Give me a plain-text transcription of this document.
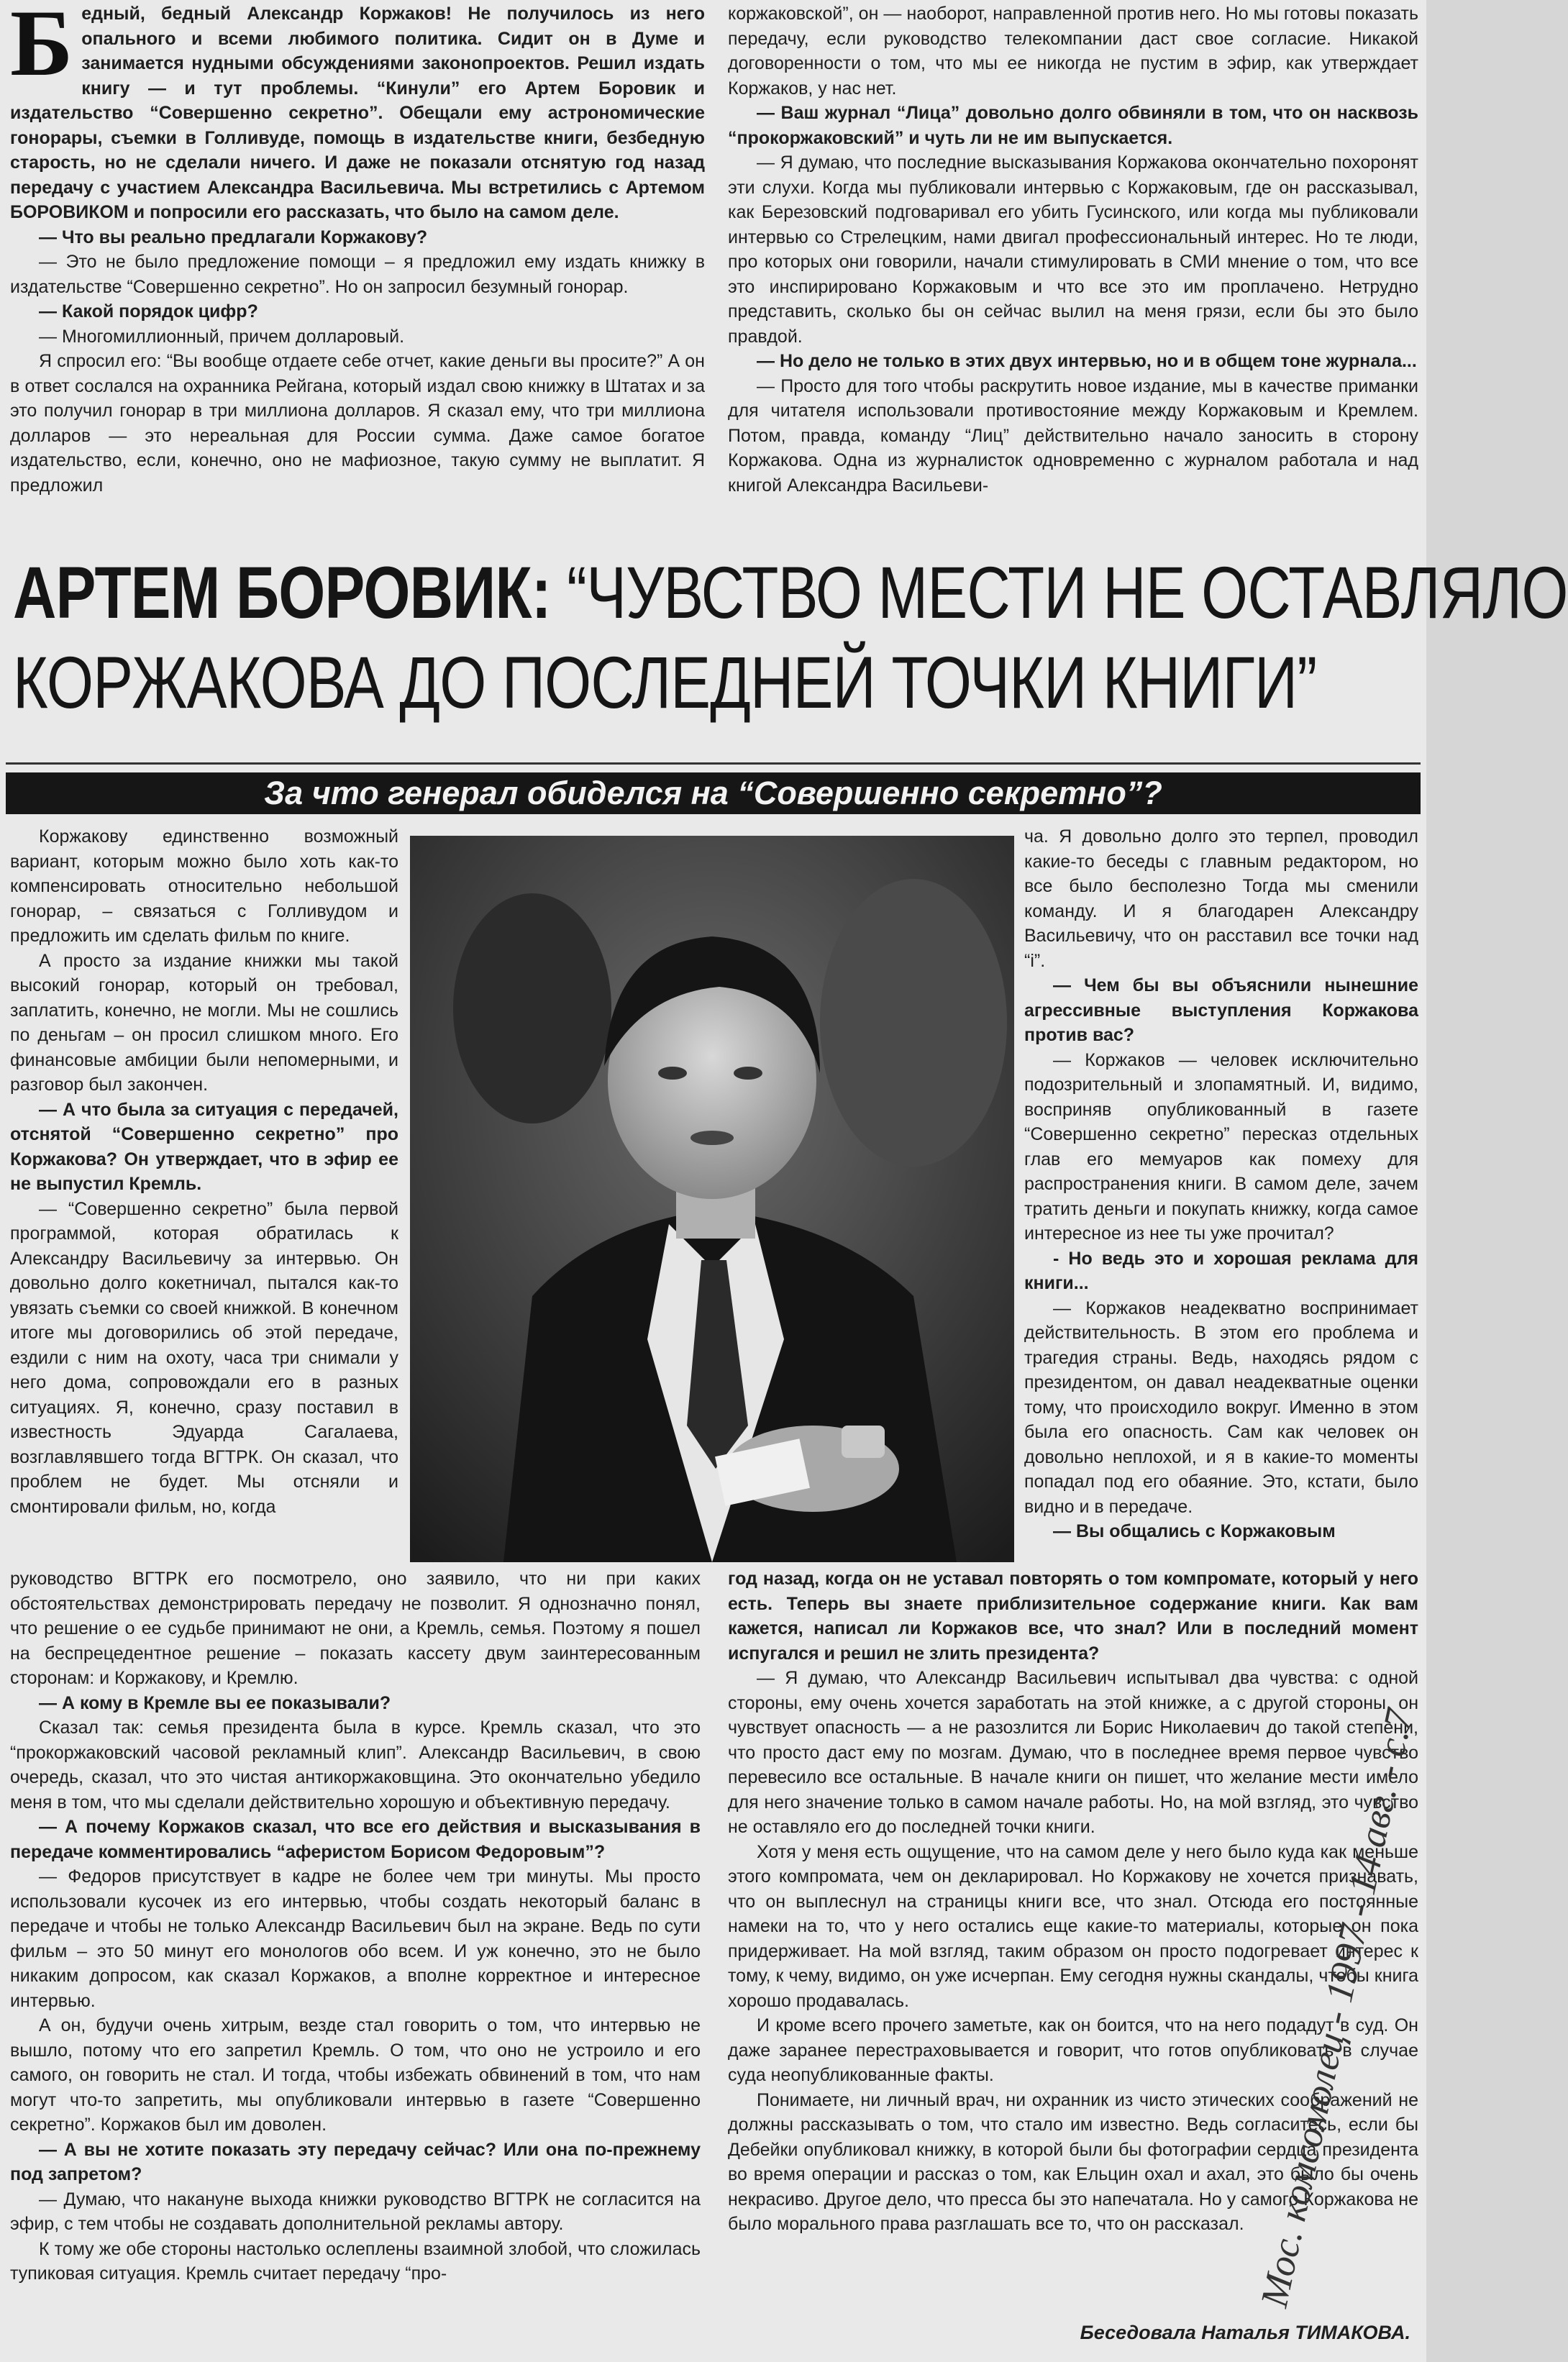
Б едный, бедный Александр Коржаков! Не получилось из него опального и всеми любимого политика. Сидит он в Думе и занимается нудными обсуждениями законопроектов. Решил издать книгу — и тут проблемы. “Кинули” его Артем Боровик и издательство “Совершенно секретно”. Обещали ему астрономические гонорары, съемки в Голливуде, помощь в издательстве книги, безбедную старость, но не сделали ничего. И даже не показали отснятую год назад передачу с участием Александра Васильевича. Мы встретились с Артемом БОРОВИКОМ и попросили его рассказать, что было на самом деле.

— Что вы реально предлагали Коржакову?

— Это не было предложение помощи – я предложил ему издать книжку в издательстве “Совершенно секретно”. Но он запросил безумный гонорар.

— Какой порядок цифр?

— Многомиллионный, причем долларовый.

Я спросил его: “Вы вообще отдаете себе отчет, какие деньги вы просите?” А он в ответ сослался на охранника Рейгана, который издал свою книжку в Штатах и за это получил гонорар в три миллиона долларов. Я сказал ему, что три миллиона долларов — это нереальная для России сумма. Даже самое богатое издательство, если, конечно, оно не мафиозное, такую сумму не выплатит. Я предложил

коржаковской”, он — наоборот, направленной против него. Но мы готовы показать передачу, если руководство телекомпании даст свое согласие. Никакой договоренности о том, что мы ее никогда не пустим в эфир, как утверждает Коржаков, у нас нет.

— Ваш журнал “Лица” довольно долго обвиняли в том, что он насквозь “прокоржаковский” и чуть ли не им выпускается.

— Я думаю, что последние высказывания Коржакова окончательно похоронят эти слухи. Когда мы публиковали интервью с Коржаковым, где он рассказывал, как Березовский подговаривал его убить Гусинского, или когда мы публиковали интервью со Стрелецким, нами двигал профессиональный интерес. Но те люди, про которых они говорили, начали стимулировать в СМИ мнение о том, что все это инспирировано Коржаковым и что все это им проплачено. Нетрудно представить, сколько бы он сейчас вылил на меня грязи, если бы это было правдой.

— Но дело не только в этих двух интервью, но и в общем тоне журнала...

— Просто для того чтобы раскрутить новое издание, мы в качестве приманки для читателя использовали противостояние между Коржаковым и Кремлем. Потом, правда, команду “Лиц” действительно начало заносить в сторону Коржакова. Одна из журналисток одновременно с журналом работала и над книгой Александра Васильеви-

АРТЕМ БОРОВИК: “ЧУВСТВО МЕСТИ НЕ ОСТАВЛЯЛО
КОРЖАКОВА ДО ПОСЛЕДНЕЙ ТОЧКИ КНИГИ”
За что генерал обиделся на “Совершенно секретно”?

Коржакову единственно возможный вариант, которым можно было хоть как-то компенсировать относительно небольшой гонорар, – связаться с Голливудом и предложить им сделать фильм по книге.

А просто за издание книжки мы такой высокий гонорар, который он требовал, заплатить, конечно, не могли. Мы не сошлись по деньгам – он просил слишком много. Его финансовые амбиции были непомерными, и разговор был закончен.

— А что была за ситуация с передачей, отснятой “Совершенно секретно” про Коржакова? Он утверждает, что в эфир ее не выпустил Кремль.

— “Совершенно секретно” была первой программой, которая обратилась к Александру Васильевичу за интервью. Он довольно долго кокетничал, пытался как-то увязать съемки со своей книжкой. В конечном итоге мы договорились об этой передаче, ездили с ним на охоту, часа три снимали у него дома, сопровождали его в разных ситуациях. Я, конечно, сразу поставил в известность Эдуарда Сагалаева, возглавлявшего тогда ВГТРК. Он сказал, что проблем не будет. Мы отсняли и смонтировали фильм, но, когда

ча. Я довольно долго это терпел, проводил какие-то беседы с главным редактором, но все было бесполезно Тогда мы сменили команду. И я благодарен Александру Васильевичу, что он расставил все точки над “i”.

— Чем бы вы объяснили нынешние агрессивные выступления Коржакова против вас?

— Коржаков — человек исключительно подозрительный и злопамятный. И, видимо, восприняв опубликованный в газете “Совершенно секретно” пересказ отдельных глав его мемуаров как помеху для распространения книги. В самом деле, зачем тратить деньги и покупать книжку, когда самое интересное из нее ты уже прочитал?

- Но ведь это и хорошая реклама для книги...

— Коржаков неадекватно воспринимает действительность. В этом его проблема и трагедия страны. Ведь, находясь рядом с президентом, он давал неадекватные оценки тому, что происходило вокруг. Именно в этом была его опасность. Сам как человек он довольно неплохой, и я в какие-то моменты попадал под его обаяние. Это, кстати, было видно и в передаче.

— Вы общались с Коржаковым

руководство ВГТРК его посмотрело, оно заявило, что ни при каких обстоятельствах демонстрировать передачу не позволит. Я однозначно понял, что решение о ее судьбе принимают не они, а Кремль, семья. Поэтому я пошел на беспрецедентное решение – показать кассету двум заинтересованным сторонам: и Коржакову, и Кремлю.

— А кому в Кремле вы ее показывали?

Сказал так: семья президента была в курсе. Кремль сказал, что это “прокоржаковский часовой рекламный клип”. Александр Васильевич, в свою очередь, сказал, что это чистая антикоржаковщина. Это окончательно убедило меня в том, что мы сделали действительно хорошую и объективную передачу.

— А почему Коржаков сказал, что все его действия и высказывания в передаче комментировались “аферистом Борисом Федоровым”?

— Федоров присутствует в кадре не более чем три минуты. Мы просто использовали кусочек из его интервью, чтобы создать некоторый баланс в передаче и чтобы не только Александр Васильевич был на экране. Ведь по сути фильм – это 50 минут его монологов обо всем. И уж конечно, это не было никаким допросом, как сказал Коржаков, а вполне корректное и интересное интервью.

А он, будучи очень хитрым, везде стал говорить о том, что интервью не вышло, потому что его запретил Кремль. О том, что оно не устроило и его самого, он говорить не стал. И тогда, чтобы избежать обвинений в том, что нам могут что-то запретить, мы опубликовали интервью в газете “Совершенно секретно”. Коржаков был им доволен.

— А вы не хотите показать эту передачу сейчас? Или она по-прежнему под запретом?

— Думаю, что накануне выхода книжки руководство ВГТРК не согласится на эфир, с тем чтобы не создавать дополнительной рекламы автору.

К тому же обе стороны настолько ослеплены взаимной злобой, что сложилась тупиковая ситуация. Кремль считает передачу “про-

год назад, когда он не уставал повторять о том компромате, который у него есть. Теперь вы знаете приблизительное содержание книги. Как вам кажется, написал ли Коржаков все, что знал? Или в последний момент испугался и решил не злить президента?

— Я думаю, что Александр Васильевич испытывал два чувства: с одной стороны, ему очень хочется заработать на этой книжке, а с другой стороны, он чувствует опасность — а не разозлится ли Борис Николаевич до такой степени, что просто даст ему по мозгам. Думаю, что в последнее время первое чувство перевесило все остальные. В начале книги он пишет, что желание мести имело для него значение только в самом начале работы. Но, на мой взгляд, это чувство не оставляло его до последней точки книги.

Хотя у меня есть ощущение, что на самом деле у него было куда как меньше этого компромата, чем он декларировал. Но Коржакову не хочется признавать, что он выплеснул на страницы книги все, что знал. Отсюда его постоянные намеки на то, что у него остались еще какие-то материалы, которые он пока придерживает. На мой взгляд, таким образом он просто подогревает интерес к тому, к чему, видимо, он уже исчерпан. Ему сегодня нужны скандалы, чтобы книга хорошо продавалась.

И кроме всего прочего заметьте, как он боится, что на него подадут в суд. Он даже заранее перестраховывается и говорит, что готов опубликовать в случае суда неопубликованные факты.

Понимаете, ни личный врач, ни охранник из чисто этических соображений не должны рассказывать о том, что стало им известно. Ведь согласитесь, если бы Дебейки опубликовал книжку, в которой были бы фотографии сердца президента во время операции и рассказ о том, как Ельцин охал и ахал, это было бы очень некрасиво. Другое дело, что пресса бы это напечатала. Но у самого Коржакова не было морального права разглашать все то, что он рассказал. Мос. комсомолец - 1997 - 14 авг. - с.7
Беседовала Наталья ТИМАКОВА.
